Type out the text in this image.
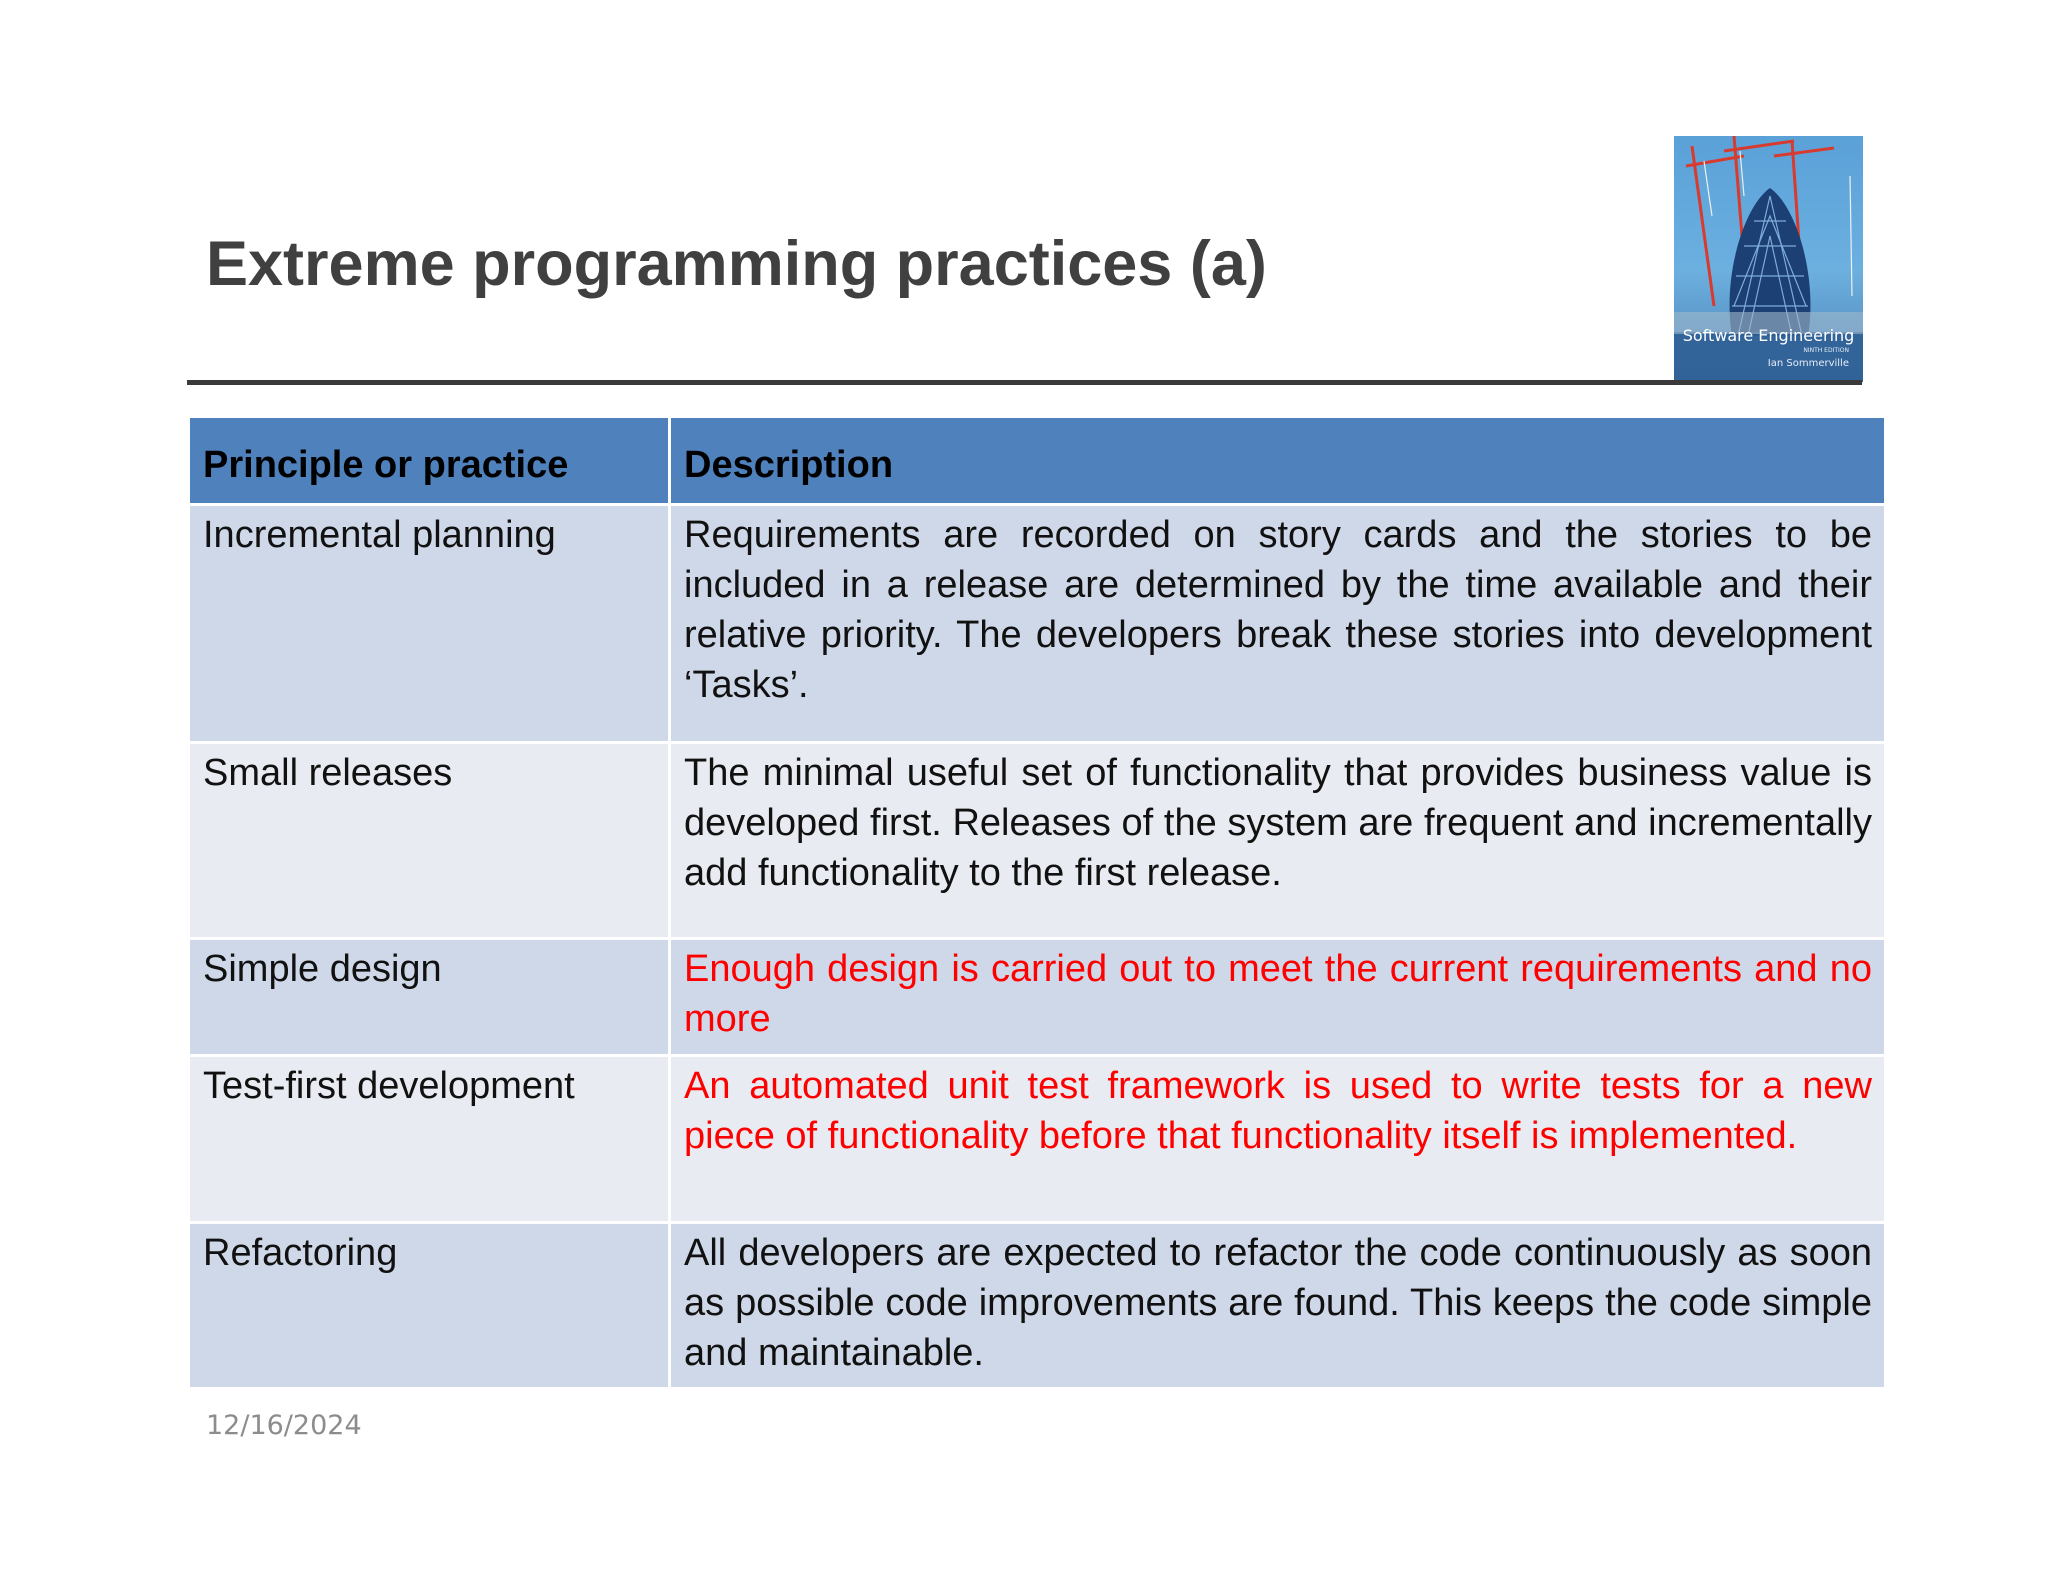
Extreme programming practices (a)
Software Engineering
NINTH EDITION
Ian Sommerville
Principle or practice	Description
Incremental planning	Requirements are recorded on story cards and the stories to be included in a release are determined by the time available and their relative priority. The developers break these stories into development ‘Tasks’.
Small releases	The minimal useful set of functionality that provides business value is developed first. Releases of the system are frequent and incrementally add functionality to the first release.
Simple design	Enough design is carried out to meet the current requirements and no more
Test-first development	An automated unit test framework is used to write tests for a new piece of functionality before that functionality itself is implemented.
Refactoring	All developers are expected to refactor the code continuously as soon as possible code improvements are found. This keeps the code simple and maintainable.
12/16/2024
